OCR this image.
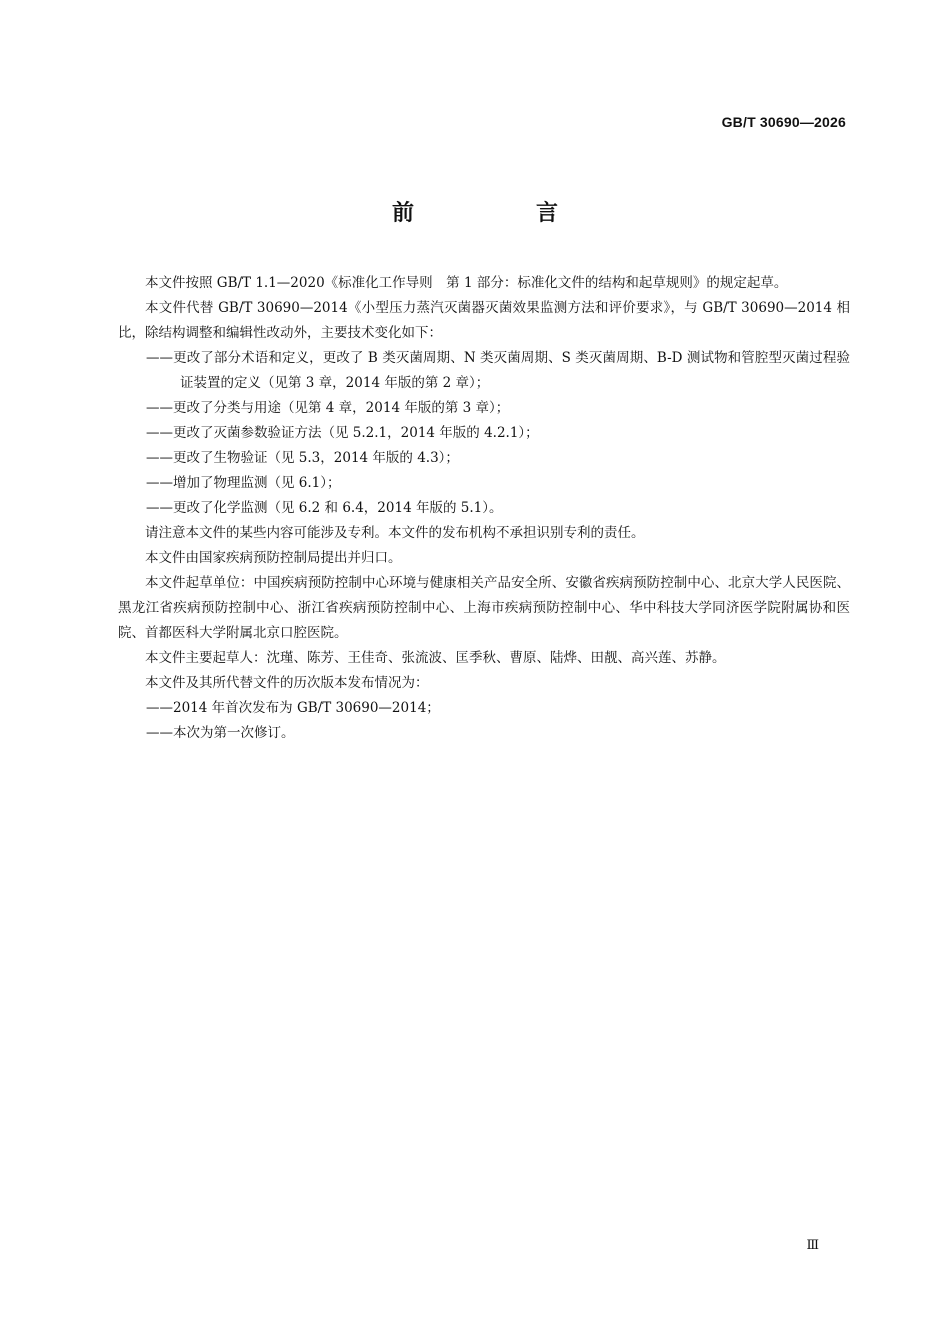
GB/T 30690—2026
前　言

本文件按照 GB/T 1.1—2020《标准化工作导则　第 1 部分：标准化文件的结构和起草规则》的规定起草。

本文件代替 GB/T 30690—2014《小型压力蒸汽灭菌器灭菌效果监测方法和评价要求》，与 GB/T 30690—2014 相比，除结构调整和编辑性改动外，主要技术变化如下：

——更改了部分术语和定义，更改了 B 类灭菌周期、N 类灭菌周期、S 类灭菌周期、B-D 测试物和管腔型灭菌过程验证装置的定义（见第 3 章，2014 年版的第 2 章）；

——更改了分类与用途（见第 4 章，2014 年版的第 3 章）；

——更改了灭菌参数验证方法（见 5.2.1，2014 年版的 4.2.1）；

——更改了生物验证（见 5.3，2014 年版的 4.3）；

——增加了物理监测（见 6.1）；

——更改了化学监测（见 6.2 和 6.4，2014 年版的 5.1）。

请注意本文件的某些内容可能涉及专利。本文件的发布机构不承担识别专利的责任。

本文件由国家疾病预防控制局提出并归口。

本文件起草单位：中国疾病预防控制中心环境与健康相关产品安全所、安徽省疾病预防控制中心、北京大学人民医院、黑龙江省疾病预防控制中心、浙江省疾病预防控制中心、上海市疾病预防控制中心、华中科技大学同济医学院附属协和医院、首都医科大学附属北京口腔医院。

本文件主要起草人：沈瑾、陈芳、王佳奇、张流波、匡季秋、曹原、陆烨、田靓、高兴莲、苏静。

本文件及其所代替文件的历次版本发布情况为：

——2014 年首次发布为 GB/T 30690—2014；

——本次为第一次修订。

Ⅲ
